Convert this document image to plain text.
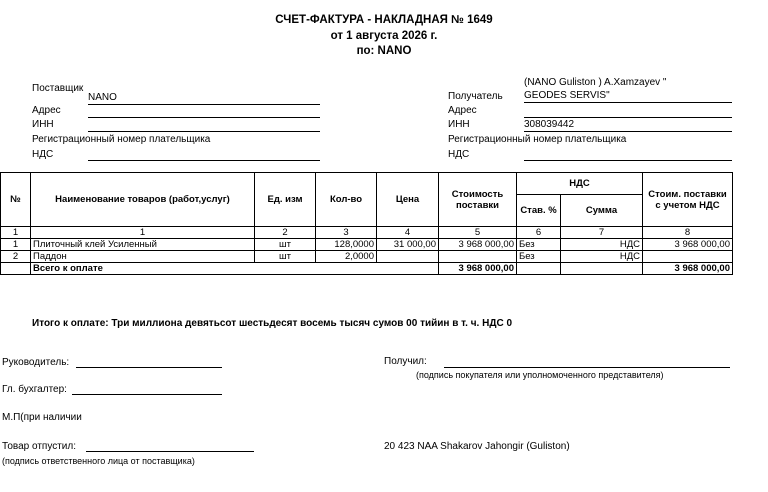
СЧЕТ-ФАКТУРА - НАКЛАДНАЯ № 1649
от 1 августа 2026 г.
по: NANO
Поставщик
NANO
Адрес
ИНН
Регистрационный номер плательщика
НДС
(NANO Guliston ) A.Xamzayev "
Получатель GEODES SERVIS"
Адрес
ИНН	308039442
Регистрационный номер плательщика
НДС
№	Наименование товаров (работ,услуг)	Ед. изм	Кол-во	Цена	Стоимость поставки	НДС		Стоим. поставки с учетом НДС
						Став. %	Сумма	
1	1	2	3	4	5	6	7	8
1	Плиточный клей Усиленный	шт	128,0000	31 000,00	3 968 000,00	Без	НДС	3 968 000,00
2	Паддон	шт	2,0000			Без	НДС	
	Всего к оплате				3 968 000,00			3 968 000,00
Итого к оплате: Три миллиона девятьсот шестьдесят восемь тысяч сумов 00 тийин в т. ч. НДС 0
Руководитель:
Гл. бухгалтер:
М.П(при наличии
Товар отпустил:
(подпись ответственного лица от поставщика)
Получил:
(подпись покупателя или уполномоченного представителя)
20 423 NAA Shakarov Jahongir (Guliston)
